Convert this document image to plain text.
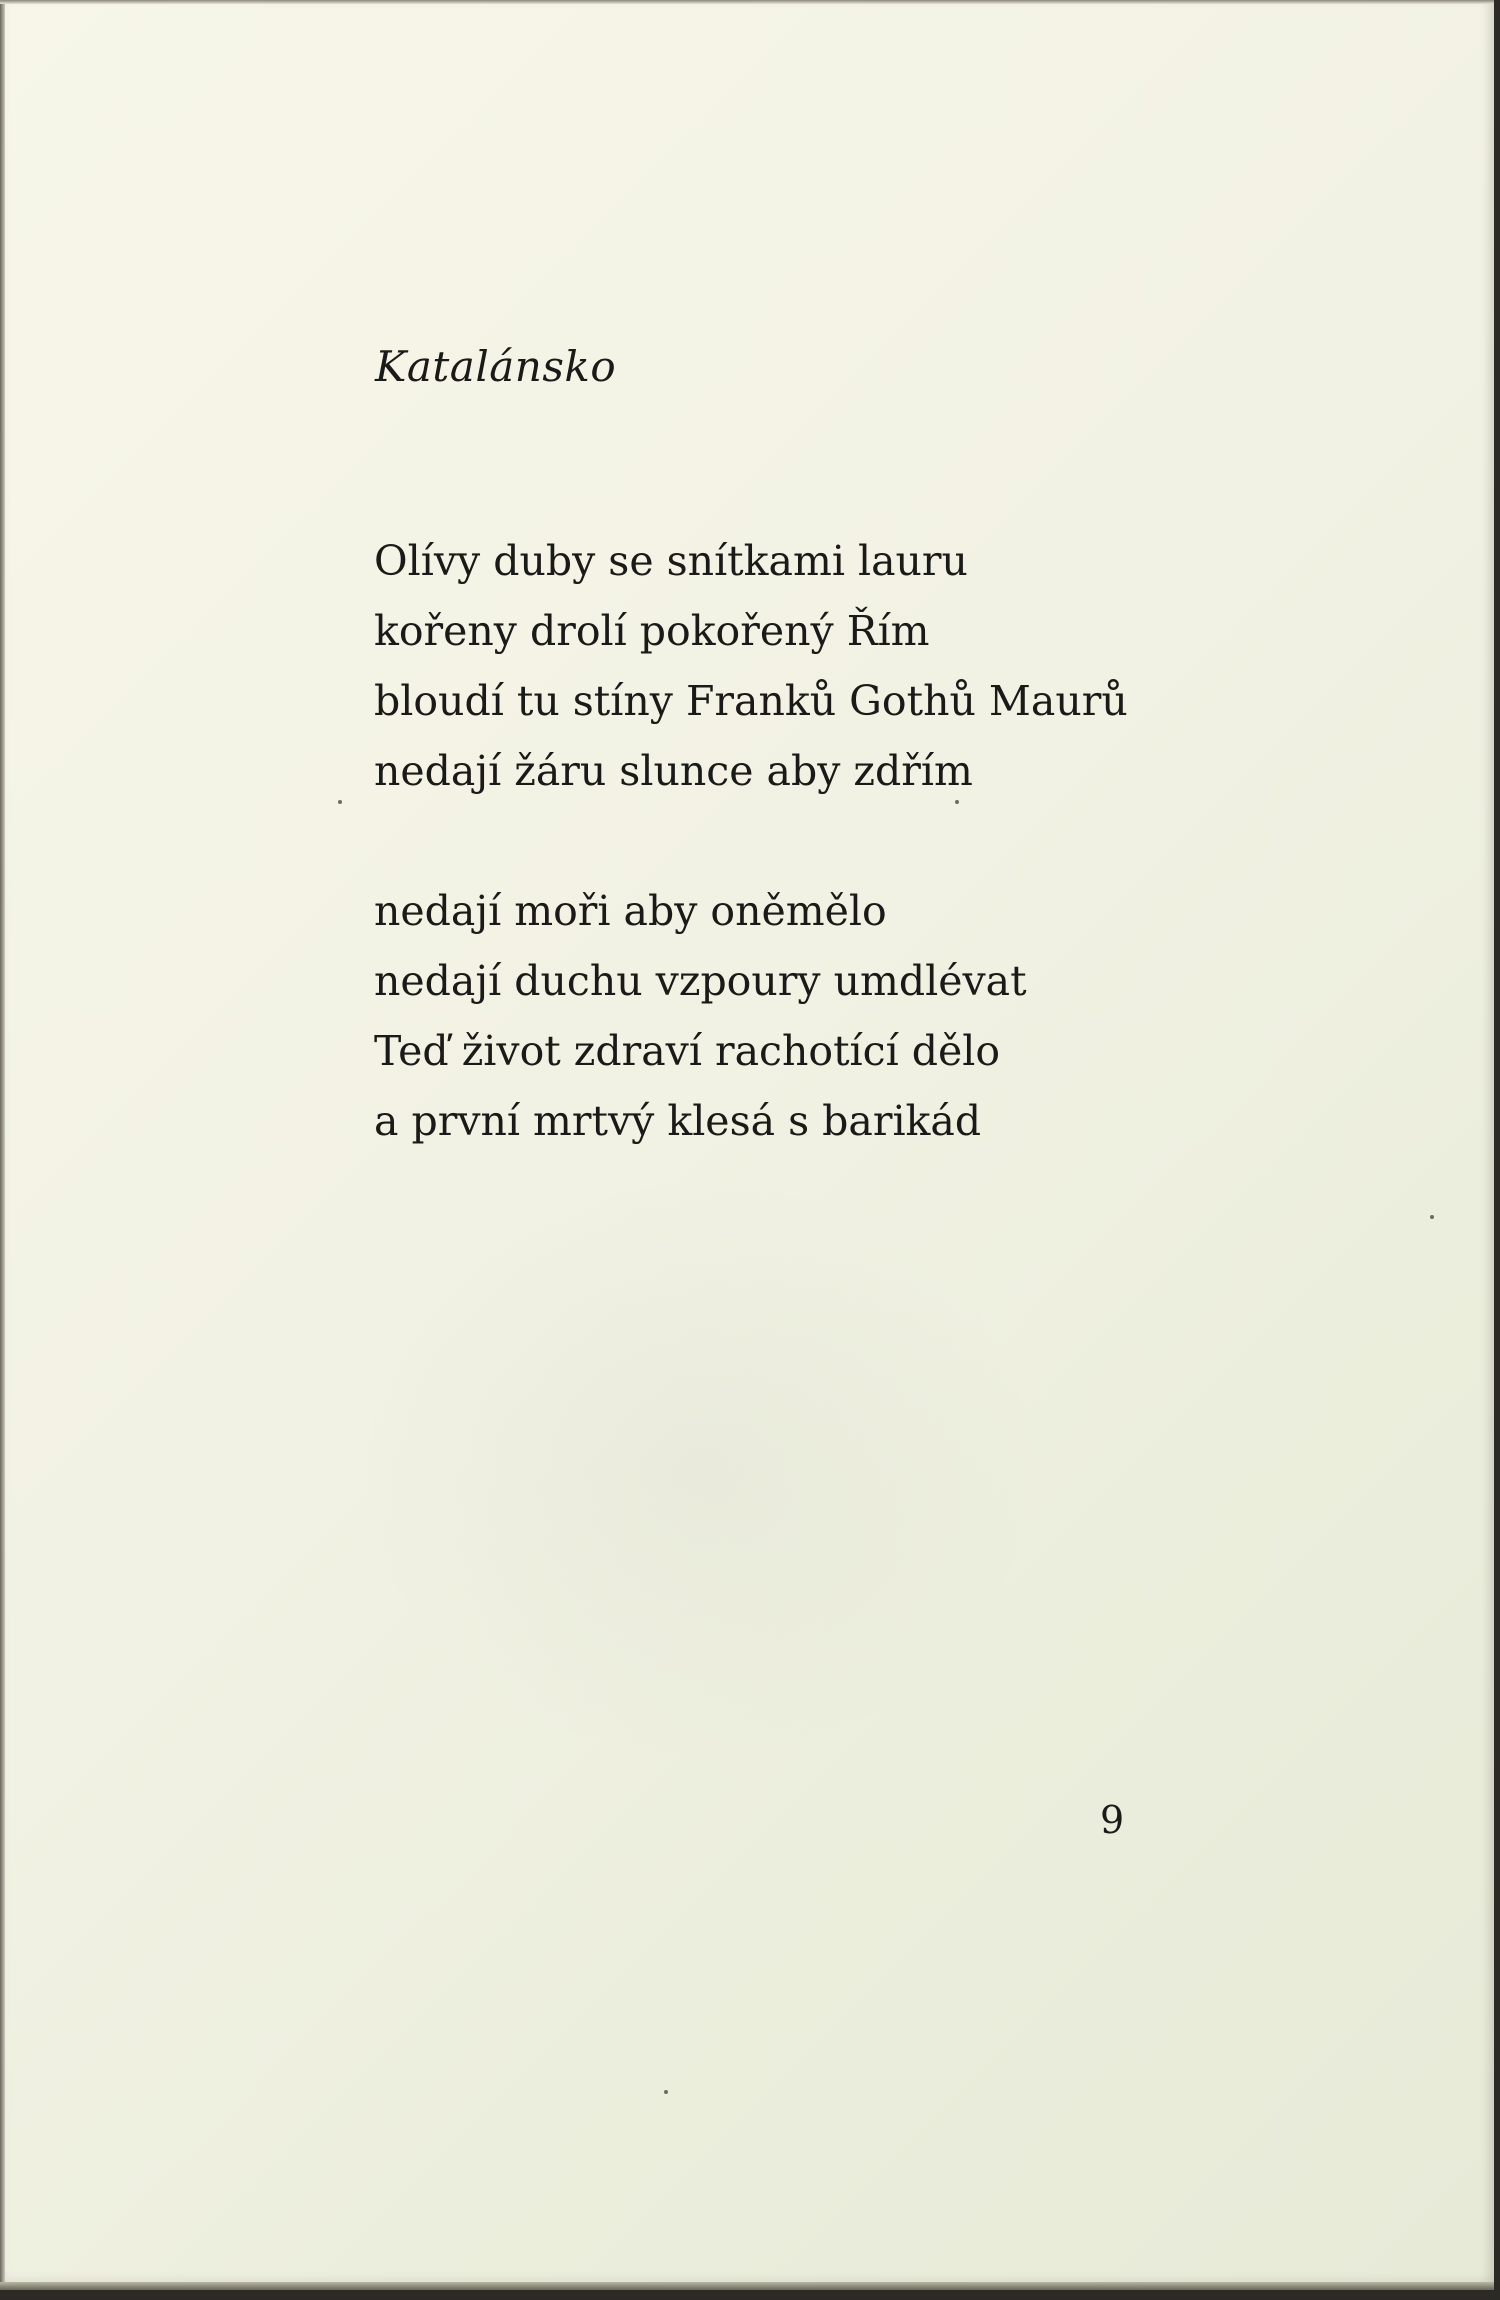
Katalánsko

Olívy duby se snítkami lauru
kořeny drolí pokořený Řím
bloudí tu stíny Franků Gothů Maurů
nedají žáru slunce aby zdřím

nedají moři aby oněmělo
nedají duchu vzpoury umdlévat
Teď život zdraví rachotící dělo
a první mrtvý klesá s barikád

9
